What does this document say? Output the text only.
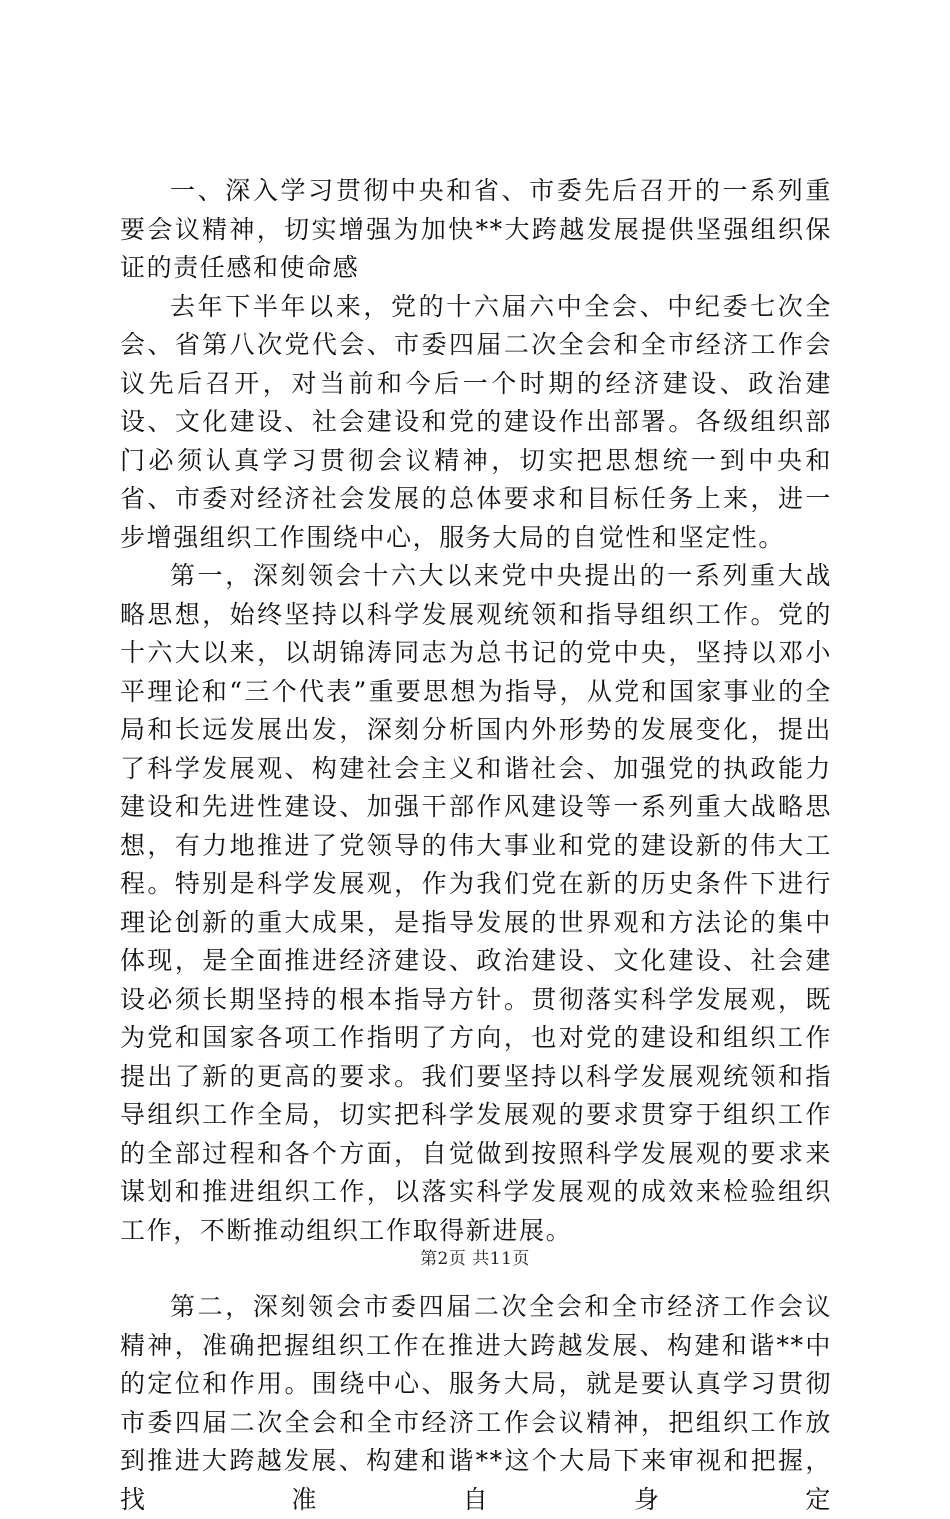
一、深入学习贯彻中央和省、市委先后召开的一系列重要会议精神，切实增强为加快**大跨越发展提供坚强组织保证的责任感和使命感

去年下半年以来，党的十六届六中全会、中纪委七次全会、省第八次党代会、市委四届二次全会和全市经济工作会议先后召开，对当前和今后一个时期的经济建设、政治建设、文化建设、社会建设和党的建设作出部署。各级组织部门必须认真学习贯彻会议精神，切实把思想统一到中央和省、市委对经济社会发展的总体要求和目标任务上来，进一步增强组织工作围绕中心，服务大局的自觉性和坚定性。

第一，深刻领会十六大以来党中央提出的一系列重大战略思想，始终坚持以科学发展观统领和指导组织工作。党的十六大以来，以胡锦涛同志为总书记的党中央，坚持以邓小平理论和“三个代表”重要思想为指导，从党和国家事业的全局和长远发展出发，深刻分析国内外形势的发展变化，提出了科学发展观、构建社会主义和谐社会、加强党的执政能力建设和先进性建设、加强干部作风建设等一系列重大战略思想，有力地推进了党领导的伟大事业和党的建设新的伟大工程。特别是科学发展观，作为我们党在新的历史条件下进行理论创新的重大成果，是指导发展的世界观和方法论的集中体现，是全面推进经济建设、政治建设、文化建设、社会建设必须长期坚持的根本指导方针。贯彻落实科学发展观，既为党和国家各项工作指明了方向，也对党的建设和组织工作提出了新的更高的要求。我们要坚持以科学发展观统领和指导组织工作全局，切实把科学发展观的要求贯穿于组织工作的全部过程和各个方面，自觉做到按照科学发展观的要求来谋划和推进组织工作，以落实科学发展观的成效来检验组织工作，不断推动组织工作取得新进展。

第二，深刻领会市委四届二次全会和全市经济工作会议精神，准确把握组织工作在推进大跨越发展、构建和谐**中的定位和作用。围绕中心、服务大局，就是要认真学习贯彻市委四届二次全会和全市经济工作会议精神，把组织工作放到推进大跨越发展、构建和谐**这个大局下来审视和把握，找准自身定

第2页 共11页
